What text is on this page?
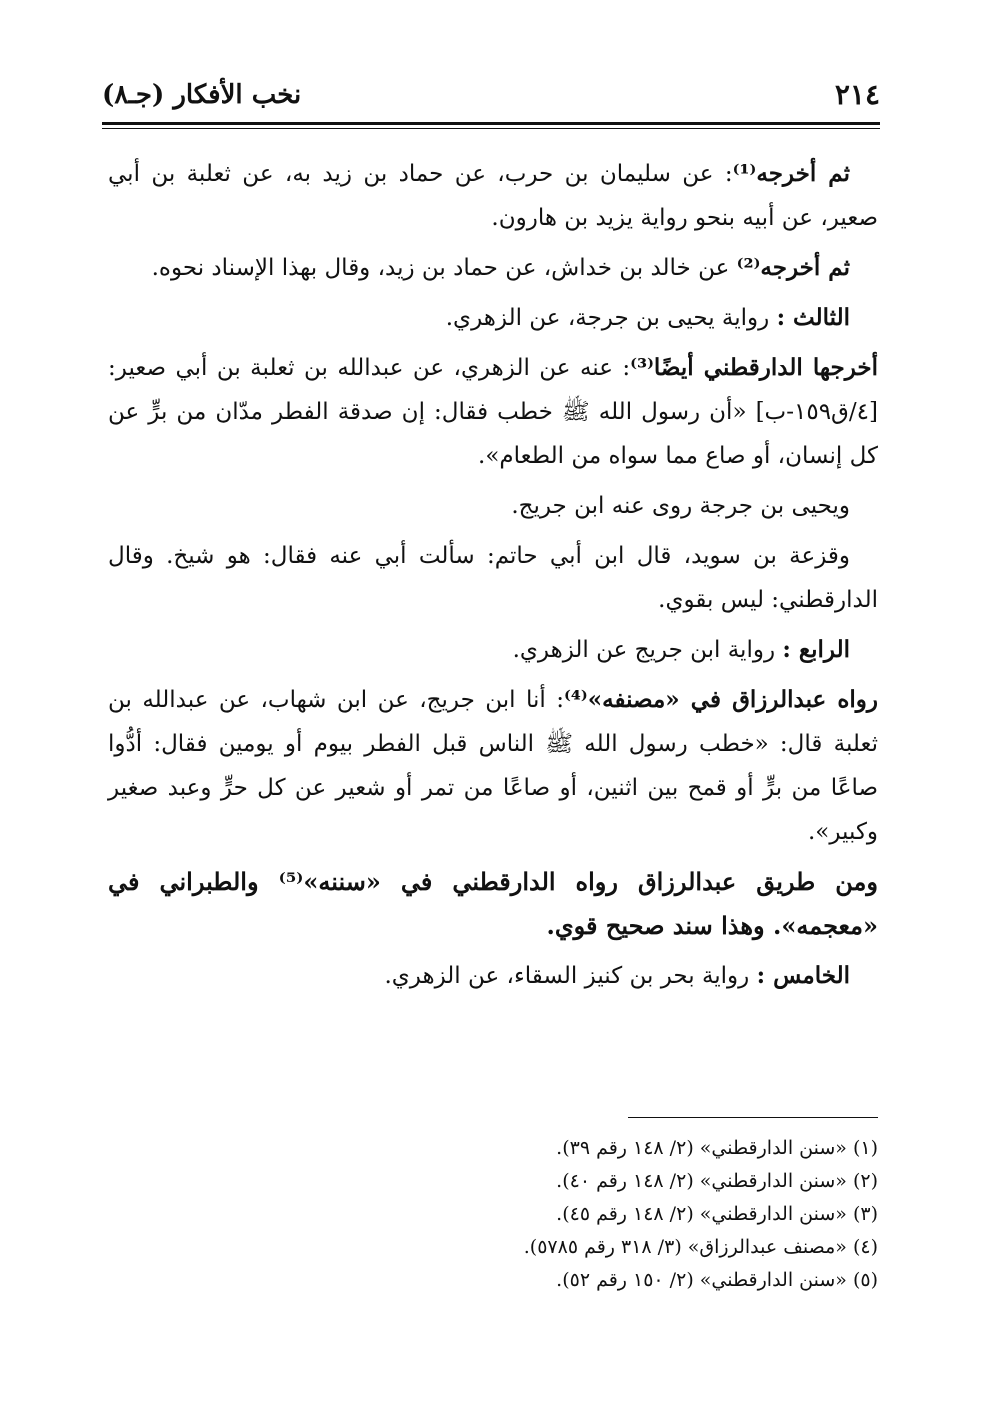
٢١٤
نخب الأفكار (جـ٨)

ثم أخرجه⁽¹⁾: عن سليمان بن حرب، عن حماد بن زيد به، عن ثعلبة بن أبي صعير، عن أبيه بنحو رواية يزيد بن هارون.

ثم أخرجه⁽²⁾ عن خالد بن خداش، عن حماد بن زيد، وقال بهذا الإسناد نحوه.

الثالث : رواية يحيى بن جرجة، عن الزهري.

أخرجها الدارقطني أيضًا⁽³⁾: عنه عن الزهري، عن عبدالله بن ثعلبة بن أبي صعير: [٤/ق١٥٩-ب] «أن رسول الله ﷺ خطب فقال: إن صدقة الفطر مدّان من برٍّ عن كل إنسان، أو صاع مما سواه من الطعام».

ويحيى بن جرجة روى عنه ابن جريج.

وقزعة بن سويد، قال ابن أبي حاتم: سألت أبي عنه فقال: هو شيخ. وقال الدارقطني: ليس بقوي.

الرابع : رواية ابن جريج عن الزهري.

رواه عبدالرزاق في «مصنفه»⁽⁴⁾: أنا ابن جريج، عن ابن شهاب، عن عبدالله بن ثعلبة قال: «خطب رسول الله ﷺ الناس قبل الفطر بيوم أو يومين فقال: أدُّوا صاعًا من برٍّ أو قمح بين اثنين، أو صاعًا من تمر أو شعير عن كل حرٍّ وعبد صغير وكبير».

ومن طريق عبدالرزاق رواه الدارقطني في «سننه»⁽⁵⁾ والطبراني في «معجمه». وهذا سند صحيح قوي.

الخامس : رواية بحر بن كنيز السقاء، عن الزهري.

(١) «سنن الدارقطني» (٢/ ١٤٨ رقم ٣٩).

(٢) «سنن الدارقطني» (٢/ ١٤٨ رقم ٤٠).

(٣) «سنن الدارقطني» (٢/ ١٤٨ رقم ٤٥).

(٤) «مصنف عبدالرزاق» (٣/ ٣١٨ رقم ٥٧٨٥).

(٥) «سنن الدارقطني» (٢/ ١٥٠ رقم ٥٢).
